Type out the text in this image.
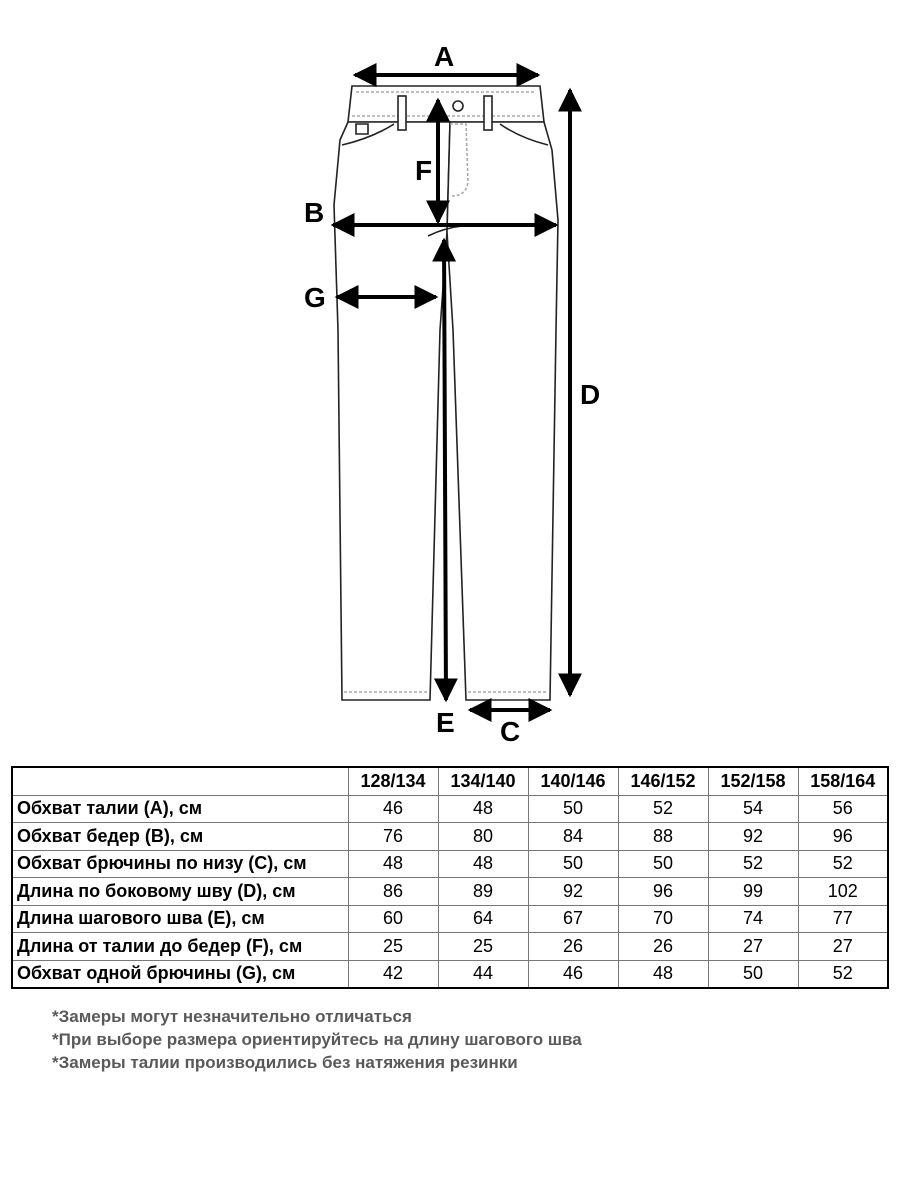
A
B
C
D
E
F
G
	128/134	134/140	140/146	146/152	152/158	158/164
Обхват талии (A), см	46	48	50	52	54	56
Обхват бедер (B), см	76	80	84	88	92	96
Обхват брючины по низу (C), см	48	48	50	50	52	52
Длина по боковому шву (D), см	86	89	92	96	99	102
Длина шагового шва (E), см	60	64	67	70	74	77
Длина от талии до бедер (F), см	25	25	26	26	27	27
Обхват одной брючины (G), см	42	44	46	48	50	52
*Замеры могут незначительно отличаться
*При выборе размера ориентируйтесь на длину шагового шва
*Замеры талии производились без натяжения резинки
